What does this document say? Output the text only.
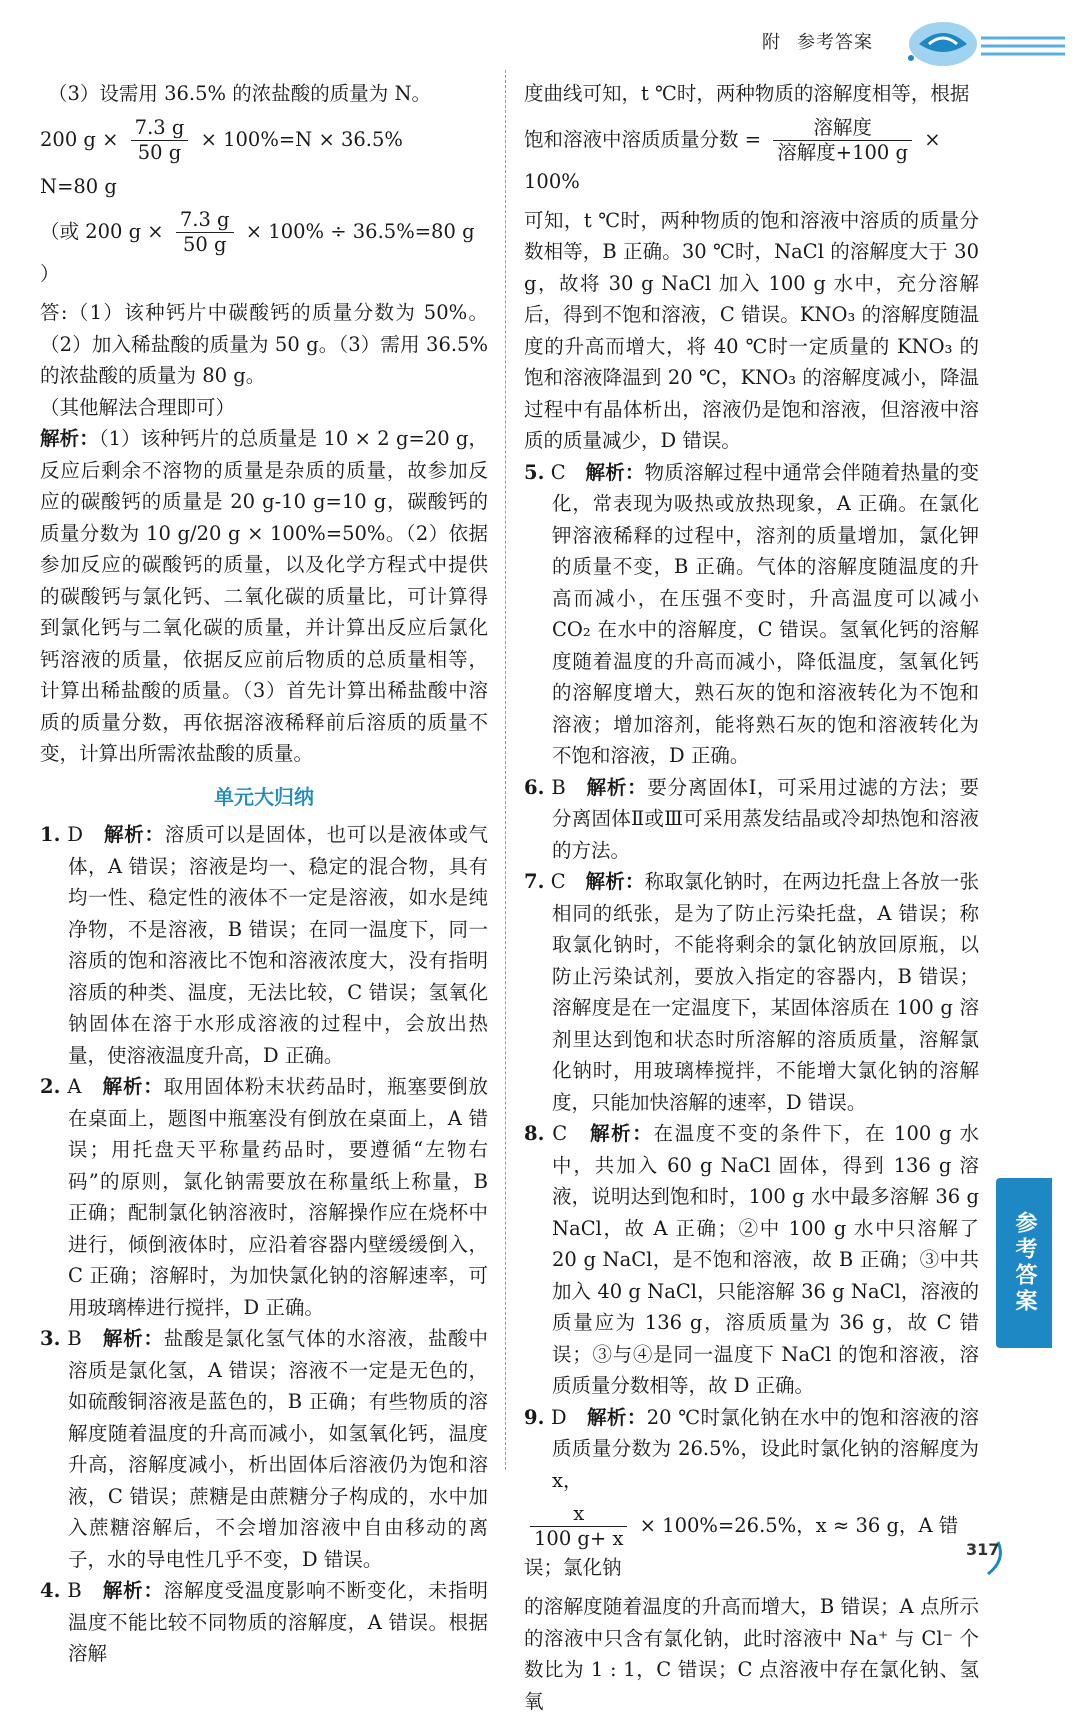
附 参考答案

（3）设需用 36.5% 的浓盐酸的质量为 N。

200 $g \times \frac{7.3 g}{50 g} \times 100\%=N \times 36.5\%$

N=80 g

（或 200 $g \times \frac{7.3 g}{50 g} \times 100\% \div 36.5\%=80$ g ）

答:（1）该种钙片中碳酸钙的质量分数为 50%。（2）加入稀盐酸的质量为 50 g。（3）需用 36.5% 的浓盐酸的质量为 80 g。

（其他解法合理即可）

解析：（1）该种钙片的总质量是 10 × 2 g=20 g，反应后剩余不溶物的质量是杂质的质量，故参加反应的碳酸钙的质量是 20 g-10 g=10 g，碳酸钙的质量分数为 10 g/20 g × 100%=50%。（2）依据参加反应的碳酸钙的质量，以及化学方程式中提供的碳酸钙与氯化钙、二氧化碳的质量比，可计算得到氯化钙与二氧化碳的质量，并计算出反应后氯化钙溶液的质量，依据反应前后物质的总质量相等，计算出稀盐酸的质量。（3）首先计算出稀盐酸中溶质的质量分数，再依据溶液稀释前后溶质的质量不变，计算出所需浓盐酸的质量。

单元大归纳

1. D　 解析：溶质可以是固体，也可以是液体或气体，A 错误；溶液是均一、稳定的混合物，具有均一性、稳定性的液体不一定是溶液，如水是纯净物，不是溶液，B 错误；在同一温度下，同一溶质的饱和溶液比不饱和溶液浓度大，没有指明溶质的种类、温度，无法比较，C 错误；氢氧化钠固体在溶于水形成溶液的过程中，会放出热量，使溶液温度升高，D 正确。

2. A　 解析：取用固体粉末状药品时，瓶塞要倒放在桌面上，题图中瓶塞没有倒放在桌面上，A 错误；用托盘天平称量药品时，要遵循“左物右码”的原则，氯化钠需要放在称量纸上称量，B 正确；配制氯化钠溶液时，溶解操作应在烧杯中进行，倾倒液体时，应沿着容器内壁缓缓倒入，C 正确；溶解时，为加快氯化钠的溶解速率，可用玻璃棒进行搅拌，D 正确。

3. B　 解析：盐酸是氯化氢气体的水溶液，盐酸中溶质是氯化氢，A 错误；溶液不一定是无色的，如硫酸铜溶液是蓝色的，B 正确；有些物质的溶解度随着温度的升高而减小，如氢氧化钙，温度升高，溶解度减小，析出固体后溶液仍为饱和溶液，C 错误；蔗糖是由蔗糖分子构成的，水中加入蔗糖溶解后，不会增加溶液中自由移动的离子，水的导电性几乎不变，D 错误。

4. B　 解析：溶解度受温度影响不断变化，未指明温度不能比较不同物质的溶解度，A 错误。根据溶解

度曲线可知，t ℃时，两种物质的溶解度相等，根据

饱和溶液中溶质质量分数 = $\frac{\text{溶解度}}{\text{溶解度+100 g}} \times 100\%$

可知，t ℃时，两种物质的饱和溶液中溶质的质量分数相等，B 正确。30 ℃时，NaCl 的溶解度大于 30 g，故将 30 g NaCl 加入 100 g 水中，充分溶解后，得到不饱和溶液，C 错误。KNO₃ 的溶解度随温度的升高而增大，将 40 ℃时一定质量的 KNO₃ 的饱和溶液降温到 20 ℃，KNO₃ 的溶解度减小，降温过程中有晶体析出，溶液仍是饱和溶液，但溶液中溶质的质量减少，D 错误。

5. C　 解析：物质溶解过程中通常会伴随着热量的变化，常表现为吸热或放热现象，A 正确。在氯化钾溶液稀释的过程中，溶剂的质量增加，氯化钾的质量不变，B 正确。气体的溶解度随温度的升高而减小，在压强不变时，升高温度可以减小 CO₂ 在水中的溶解度，C 错误。氢氧化钙的溶解度随着温度的升高而减小，降低温度，氢氧化钙的溶解度增大，熟石灰的饱和溶液转化为不饱和溶液；增加溶剂，能将熟石灰的饱和溶液转化为不饱和溶液，D 正确。

6. B　 解析：要分离固体Ⅰ，可采用过滤的方法；要分离固体Ⅱ或Ⅲ可采用蒸发结晶或冷却热饱和溶液的方法。

7. C　 解析：称取氯化钠时，在两边托盘上各放一张相同的纸张，是为了防止污染托盘，A 错误；称取氯化钠时，不能将剩余的氯化钠放回原瓶，以防止污染试剂，要放入指定的容器内，B 错误；溶解度是在一定温度下，某固体溶质在 100 g 溶剂里达到饱和状态时所溶解的溶质质量，溶解氯化钠时，用玻璃棒搅拌，不能增大氯化钠的溶解度，只能加快溶解的速率，D 错误。

8. C　 解析：在温度不变的条件下，在 100 g 水中，共加入 60 g NaCl 固体，得到 136 g 溶液，说明达到饱和时，100 g 水中最多溶解 36 g NaCl，故 A 正确；②中 100 g 水中只溶解了 20 g NaCl，是不饱和溶液，故 B 正确；③中共加入 40 g NaCl，只能溶解 36 g NaCl，溶液的质量应为 136 g，溶质质量为 36 g，故 C 错误；③与④是同一温度下 NaCl 的饱和溶液，溶质质量分数相等，故 D 正确。

9. D　 解析：20 ℃时氯化钠在水中的饱和溶液的溶质质量分数为 26.5%，设此时氯化钠的溶解度为 x，

$\frac{x}{100 g+ x} \times 100\%=26.5\%$，x ≈ 36 g，A 错误；氯化钠

的溶解度随着温度的升高而增大，B 错误；A 点所示的溶液中只含有氯化钠，此时溶液中 Na⁺ 与 Cl⁻ 个数比为 1 : 1，C 错误；C 点溶液中存在氯化钠、氢氧

参考答案
317
